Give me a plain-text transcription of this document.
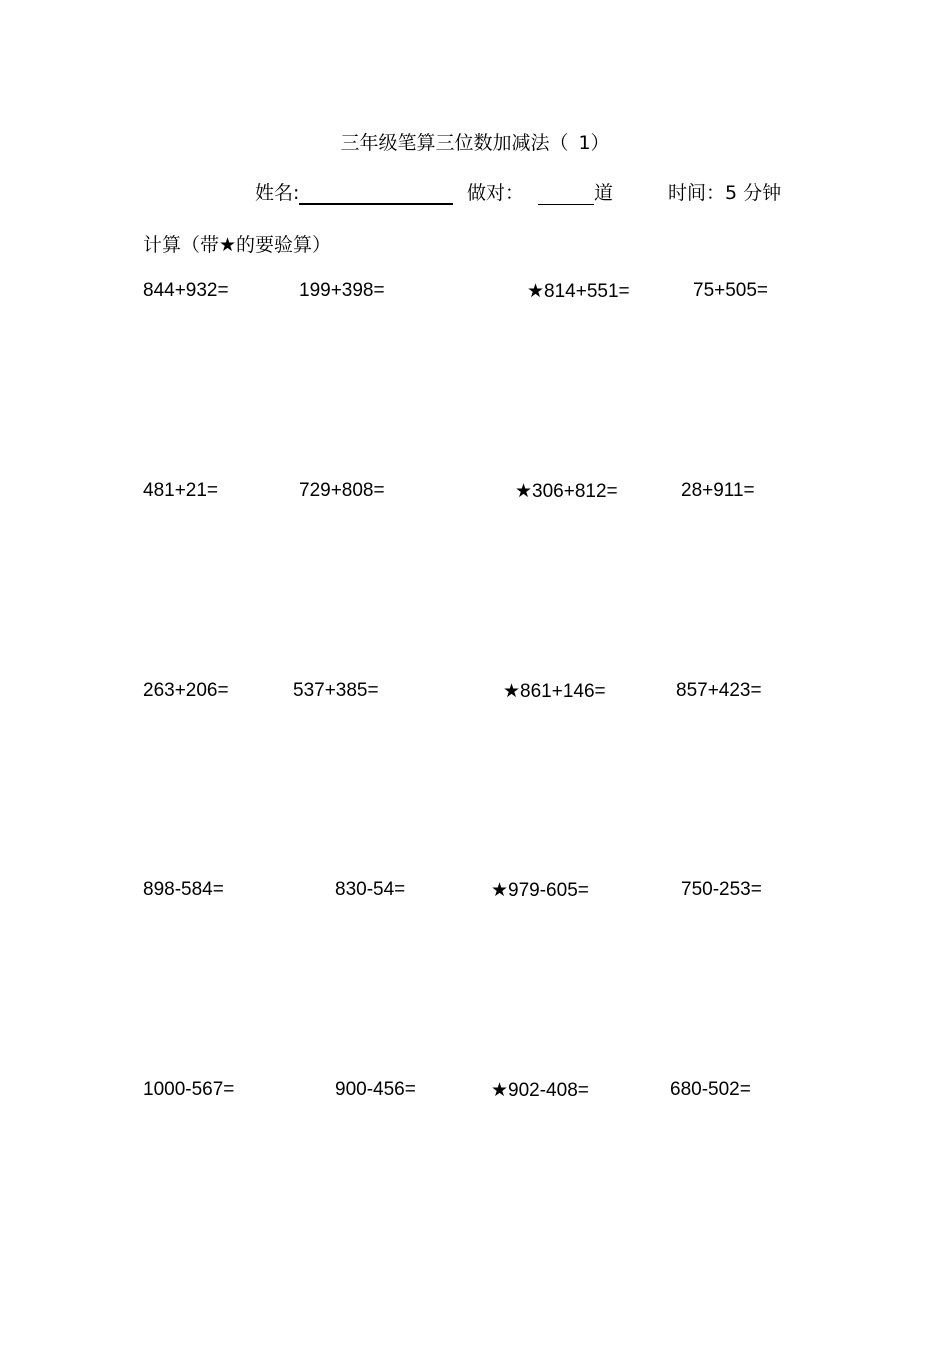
三年级笔算三位数加减法（ 1）
姓名:	做对：	道	时间：5 分钟
计算（带★的要验算）
844+932=	199+398=	★814+551=	75+505=
481+21=	729+808=	★306+812=	28+911=
263+206=	537+385=	★861+146=	857+423=
898-584=	830-54=	★979-605=	750-253=
1000-567=	900-456=	★902-408=	680-502=
